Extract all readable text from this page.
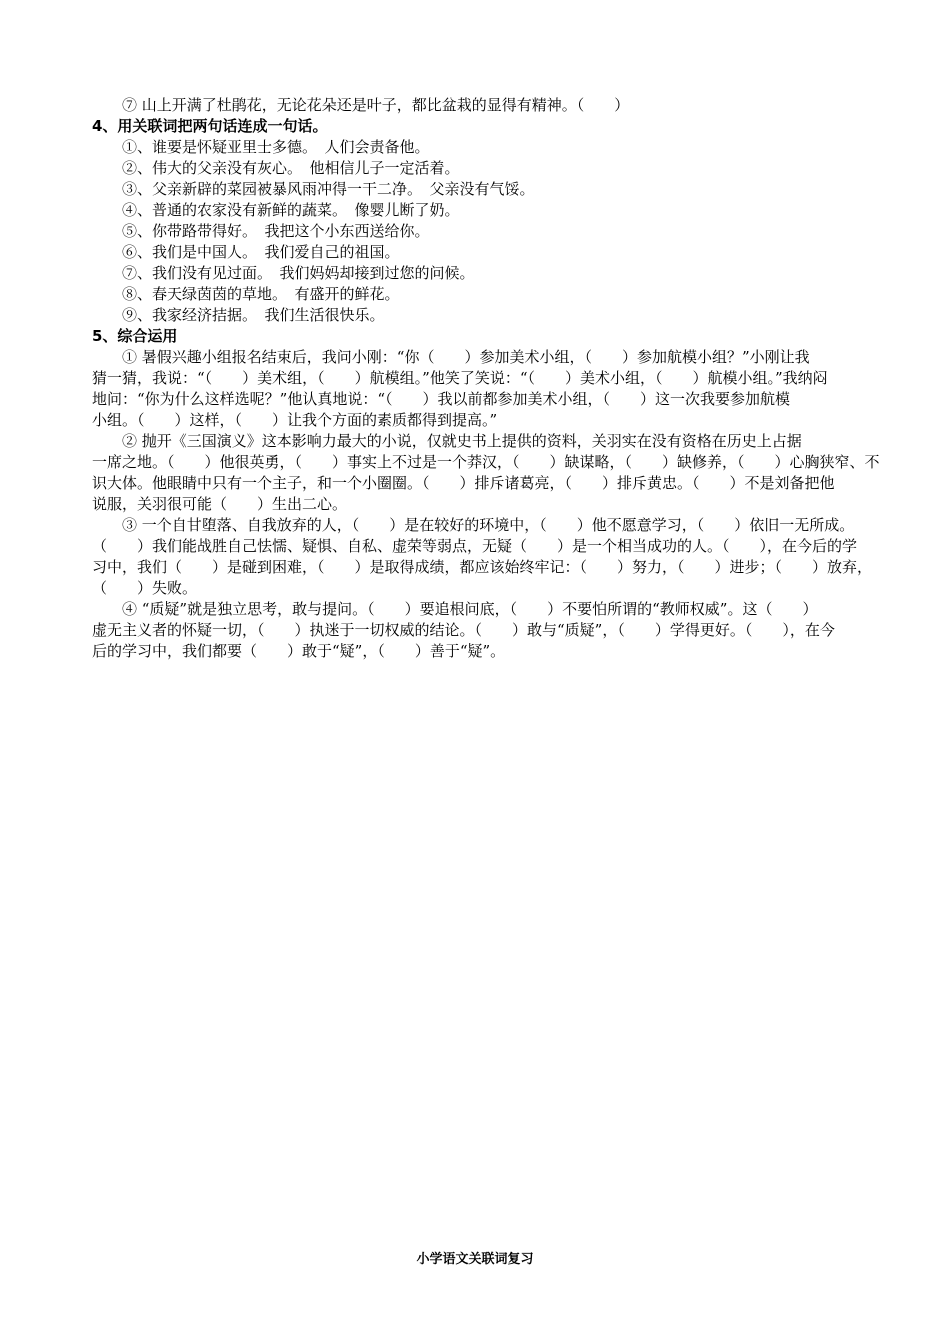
⑦ 山上开满了杜鹃花，无论花朵还是叶子，都比盆栽的显得有精神。（　　）

4、用关联词把两句话连成一句话。

①、谁要是怀疑亚里士多德。　人们会责备他。

②、伟大的父亲没有灰心。　他相信儿子一定活着。

③、父亲新辟的菜园被暴风雨冲得一干二净。　父亲没有气馁。

④、普通的农家没有新鲜的蔬菜。　像婴儿断了奶。

⑤、你带路带得好。　我把这个小东西送给你。

⑥、我们是中国人。　我们爱自己的祖国。

⑦、我们没有见过面。　我们妈妈却接到过您的问候。

⑧、春天绿茵茵的草地。　有盛开的鲜花。

⑨、我家经济拮据。　我们生活很快乐。

5、综合运用

① 暑假兴趣小组报名结束后，我问小刚：“你（　　）参加美术小组，（　　）参加航模小组？”小刚让我
猜一猜，我说：“（　　）美术组，（　　）航模组。”他笑了笑说：“（　　）美术小组，（　　）航模小组。”我纳闷
地问：“你为什么这样选呢？”他认真地说：“（　　）我以前都参加美术小组，（　　）这一次我要参加航模
小组。（　　）这样，（　　）让我个方面的素质都得到提高。”
② 抛开《三国演义》这本影响力最大的小说，仅就史书上提供的资料，关羽实在没有资格在历史上占据
一席之地。（　　）他很英勇，（　　）事实上不过是一个莽汉，（　　）缺谋略，（　　）缺修养，（　　）心胸狭窄、不
识大体。他眼睛中只有一个主子，和一个小圈圈。（　　）排斥诸葛亮，（　　）排斥黄忠。（　　）不是刘备把他
说服，关羽很可能（　　）生出二心。
③ 一个自甘堕落、自我放弃的人，（　　）是在较好的环境中，（　　）他不愿意学习，（　　）依旧一无所成。
（　　）我们能战胜自己怯懦、疑惧、自私、虚荣等弱点，无疑（　　）是一个相当成功的人。（　　），在今后的学
习中，我们（　　）是碰到困难，（　　）是取得成绩，都应该始终牢记：（　　）努力，（　　）进步；（　　）放弃，
（　　）失败。
④ “质疑”就是独立思考，敢与提问。（　　）要追根问底，（　　）不要怕所谓的“教师权威”。这（　　）
虚无主义者的怀疑一切，（　　）执迷于一切权威的结论。（　　）敢与“质疑”，（　　）学得更好。（　　），在今
后的学习中，我们都要（　　）敢于“疑”，（　　）善于“疑”。
小学语文关联词复习
